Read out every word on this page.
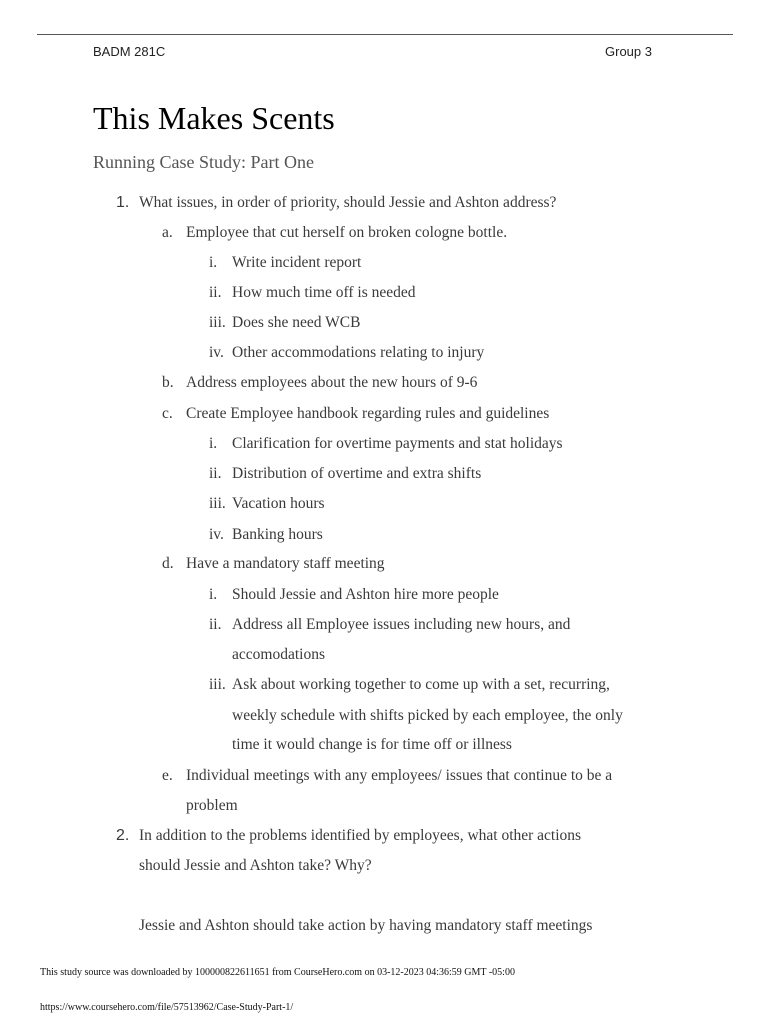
BADM 281C	Group 3
This Makes Scents
Running Case Study: Part One
1. What issues, in order of priority, should Jessie and Ashton address?
a. Employee that cut herself on broken cologne bottle.
i. Write incident report
ii. How much time off is needed
iii. Does she need WCB
iv. Other accommodations relating to injury
b. Address employees about the new hours of 9-6
c. Create Employee handbook regarding rules and guidelines
i. Clarification for overtime payments and stat holidays
ii. Distribution of overtime and extra shifts
iii. Vacation hours
iv. Banking hours
d. Have a mandatory staff meeting
i. Should Jessie and Ashton hire more people
ii. Address all Employee issues including new hours, and
accomodations
iii. Ask about working together to come up with a set, recurring,
weekly schedule with shifts picked by each employee, the only
time it would change is for time off or illness
e. Individual meetings with any employees/ issues that continue to be a
problem
2. In addition to the problems identified by employees, what other actions
should Jessie and Ashton take? Why?
Jessie and Ashton should take action by having mandatory staff meetings
This study source was downloaded by 100000822611651 from CourseHero.com on 03-12-2023 04:36:59 GMT -05:00
https://www.coursehero.com/file/57513962/Case-Study-Part-1/
